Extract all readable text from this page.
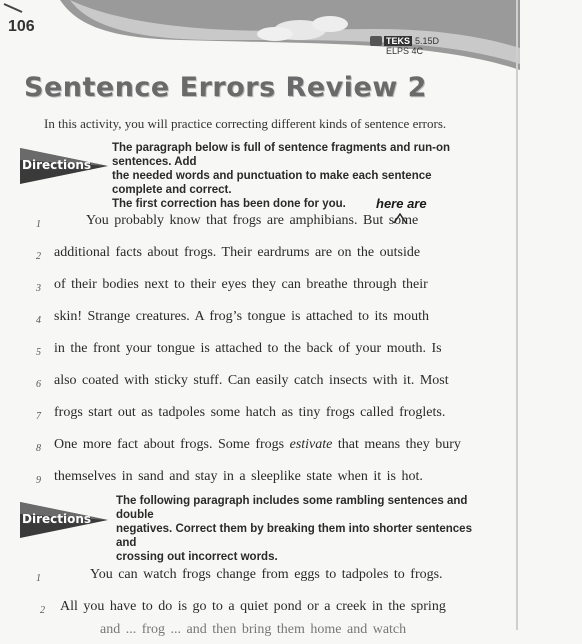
106
TEKS 5.15D
ELPS 4C
Sentence Errors Review 2
In this activity, you will practice correcting different kinds of sentence errors.
Directions
The paragraph below is full of sentence fragments and run-on sentences. Add
the needed words and punctuation to make each sentence complete and correct.
The first correction has been done for you.	here are
1	You probably know that frogs are amphibians. But some
2 additional facts about frogs. Their eardrums are on the outside
3 of their bodies next to their eyes they can breathe through their
4 skin! Strange creatures. A frog’s tongue is attached to its mouth
5 in the front your tongue is attached to the back of your mouth. Is
6 also coated with sticky stuff. Can easily catch insects with it. Most
7 frogs start out as tadpoles some hatch as tiny frogs called froglets.
8 One more fact about frogs. Some frogs estivate that means they bury
9 themselves in sand and stay in a sleeplike state when it is hot.
Directions
The following paragraph includes some rambling sentences and double
negatives. Correct them by breaking them into shorter sentences and
crossing out incorrect words.
1	You can watch frogs change from eggs to tadpoles to frogs.
2 All you have to do is go to a quiet pond or a creek in the spring
and ... frog ... and then bring them home and watch
